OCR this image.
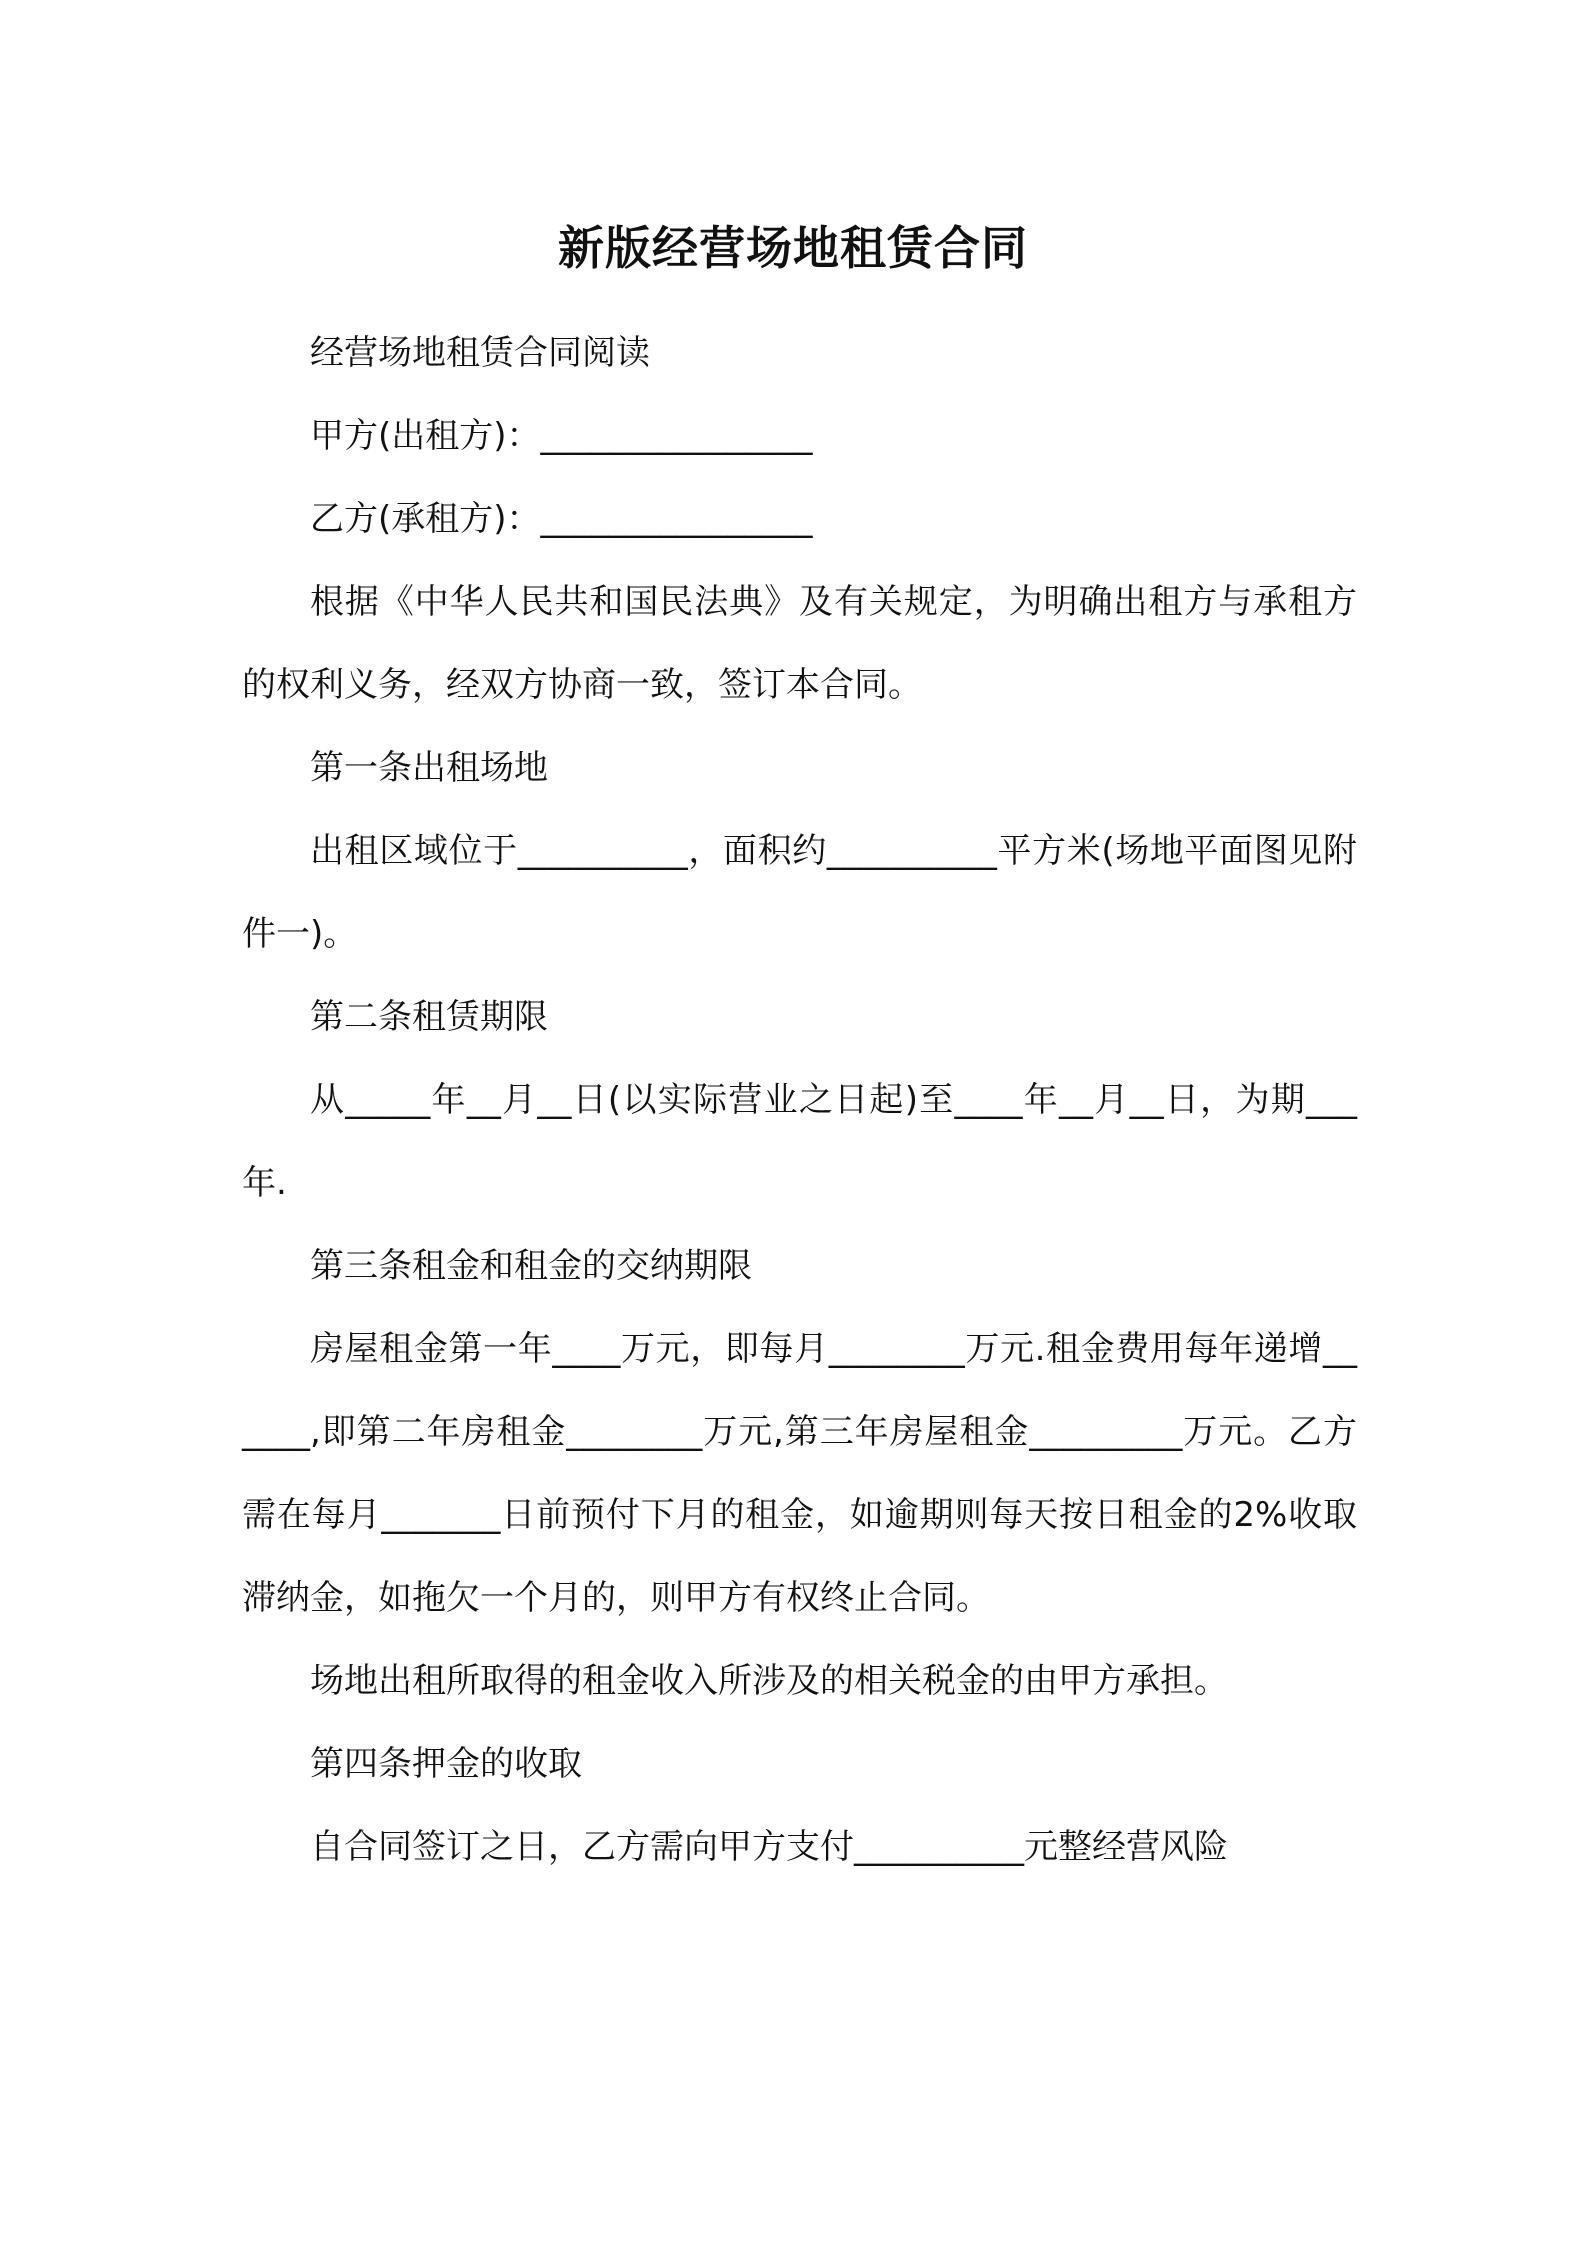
新版经营场地租赁合同

经营场地租赁合同阅读

甲方(出租方)：________________

乙方(承租方)：________________

根据《中华人民共和国民法典》及有关规定，为明确出租方与承租方的权利义务，经双方协商一致，签订本合同。

第一条出租场地

出租区域位于__________，面积约__________平方米(场地平面图见附件一)。

第二条租赁期限

从_____年__月__日(以实际营业之日起)至____年__月__日，为期___年.

第三条租金和租金的交纳期限

房屋租金第一年____万元，即每月________万元.租金费用每年递增______,即第二年房租金________万元,第三年房屋租金_________万元。乙方需在每月_______日前预付下月的租金，如逾期则每天按日租金的2%收取滞纳金，如拖欠一个月的，则甲方有权终止合同。

场地出租所取得的租金收入所涉及的相关税金的由甲方承担。

第四条押金的收取

自合同签订之日，乙方需向甲方支付__________元整经营风险
